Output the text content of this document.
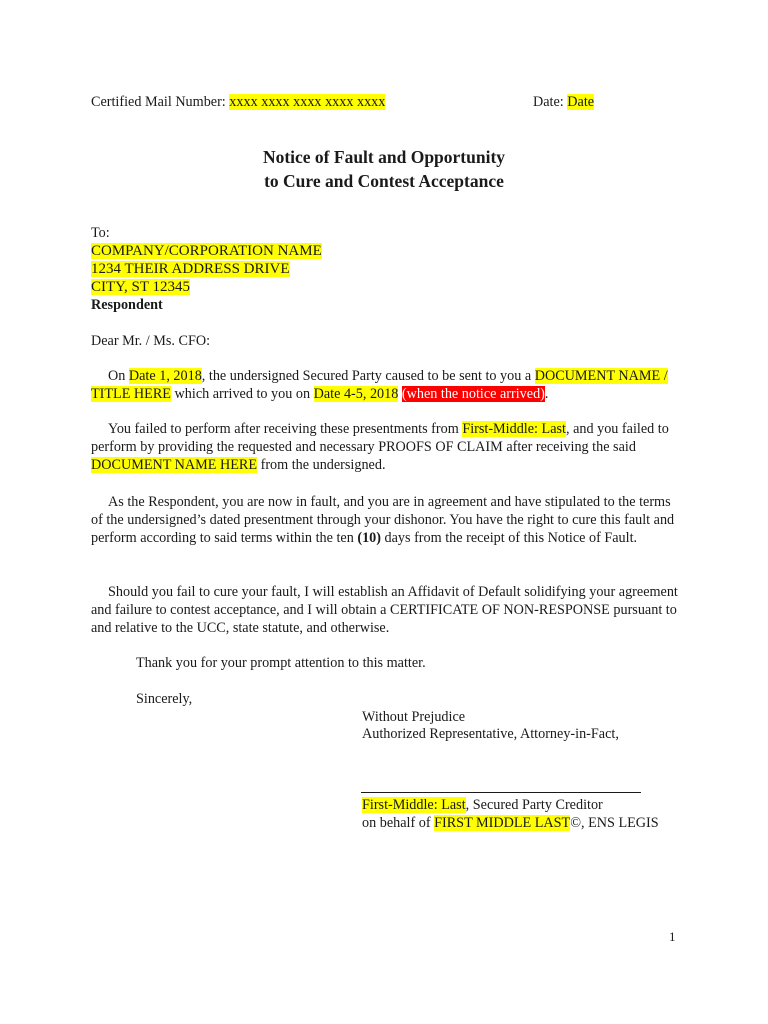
Certified Mail Number: xxxx xxxx xxxx xxxx xxxx	Date: Date
Notice of Fault and Opportunity
to Cure and Contest Acceptance
To:
COMPANY/CORPORATION NAME
1234 THEIR ADDRESS DRIVE
CITY, ST 12345
Respondent
Dear Mr. / Ms. CFO:
On Date 1, 2018, the undersigned Secured Party caused to be sent to you a DOCUMENT NAME / TITLE HERE which arrived to you on Date 4-5, 2018 (when the notice arrived).
You failed to perform after receiving these presentments from First-Middle: Last, and you failed to perform by providing the requested and necessary PROOFS OF CLAIM after receiving the said DOCUMENT NAME HERE from the undersigned.
As the Respondent, you are now in fault, and you are in agreement and have stipulated to the terms of the undersigned’s dated presentment through your dishonor. You have the right to cure this fault and perform according to said terms within the ten (10) days from the receipt of this Notice of Fault.
Should you fail to cure your fault, I will establish an Affidavit of Default solidifying your agreement and failure to contest acceptance, and I will obtain a CERTIFICATE OF NON-RESPONSE pursuant to and relative to the UCC, state statute, and otherwise.
Thank you for your prompt attention to this matter.
Sincerely,
Without Prejudice
Authorized Representative, Attorney-in-Fact,
First-Middle: Last, Secured Party Creditor
on behalf of FIRST MIDDLE LAST©, ENS LEGIS
1
